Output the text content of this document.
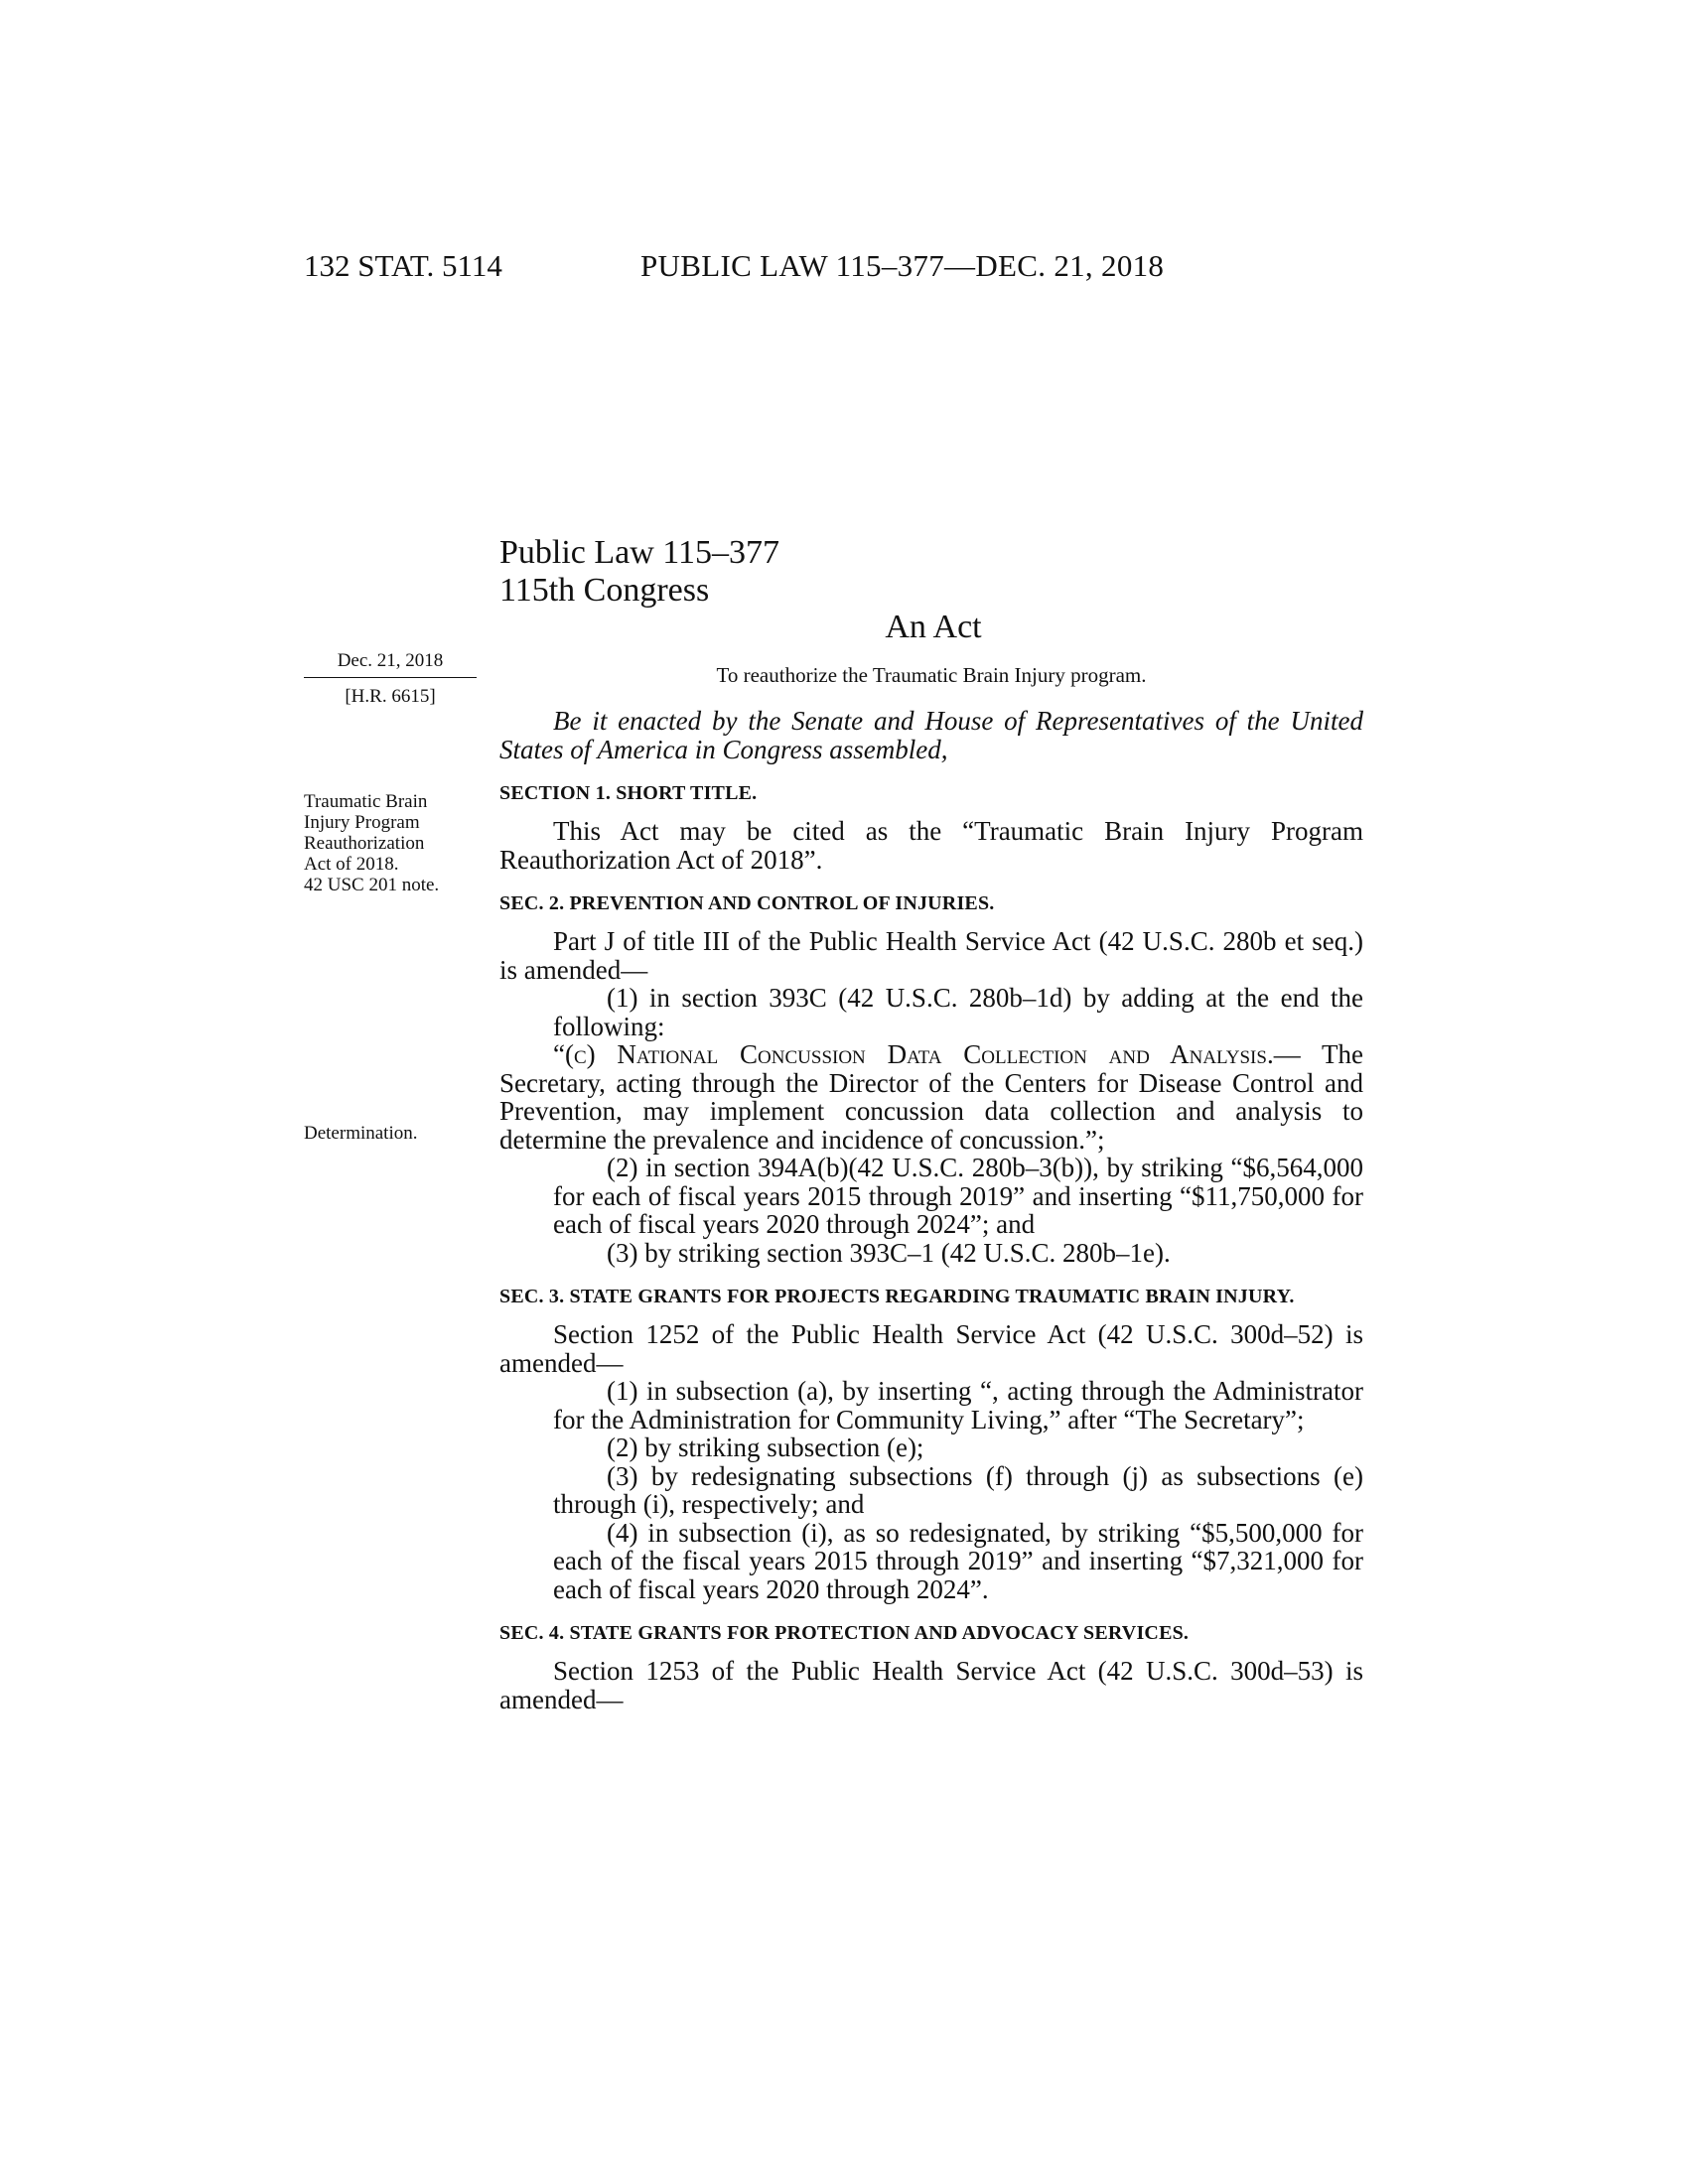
132 STAT. 5114	PUBLIC LAW 115–377—DEC. 21, 2018
Public Law 115–377
115th Congress
An Act
Dec. 21, 2018
[H.R. 6615]
Traumatic Brain
Injury Program
Reauthorization
Act of 2018.
42 USC 201 note.
Determination.
To reauthorize the Traumatic Brain Injury program.

Be it enacted by the Senate and House of Representatives of the United States of America in Congress assembled,

SECTION 1. SHORT TITLE.

This Act may be cited as the “Traumatic Brain Injury Program Reauthorization Act of 2018”.

SEC. 2. PREVENTION AND CONTROL OF INJURIES.

Part J of title III of the Public Health Service Act (42 U.S.C. 280b et seq.) is amended—

(1) in section 393C (42 U.S.C. 280b–1d) by adding at the end the following:

“(c) National Concussion Data Collection and Analysis.— The Secretary, acting through the Director of the Centers for Disease Control and Prevention, may implement concussion data collection and analysis to determine the prevalence and incidence of concussion.”;

(2) in section 394A(b)(42 U.S.C. 280b–3(b)), by striking “$6,564,000 for each of fiscal years 2015 through 2019” and inserting “$11,750,000 for each of fiscal years 2020 through 2024”; and

(3) by striking section 393C–1 (42 U.S.C. 280b–1e).

SEC. 3. STATE GRANTS FOR PROJECTS REGARDING TRAUMATIC BRAIN INJURY.

Section 1252 of the Public Health Service Act (42 U.S.C. 300d–52) is amended—

(1) in subsection (a), by inserting “, acting through the Administrator for the Administration for Community Living,” after “The Secretary”;

(2) by striking subsection (e);

(3) by redesignating subsections (f) through (j) as subsections (e) through (i), respectively; and

(4) in subsection (i), as so redesignated, by striking “$5,500,000 for each of the fiscal years 2015 through 2019” and inserting “$7,321,000 for each of fiscal years 2020 through 2024”.

SEC. 4. STATE GRANTS FOR PROTECTION AND ADVOCACY SERVICES.

Section 1253 of the Public Health Service Act (42 U.S.C. 300d–53) is amended—
